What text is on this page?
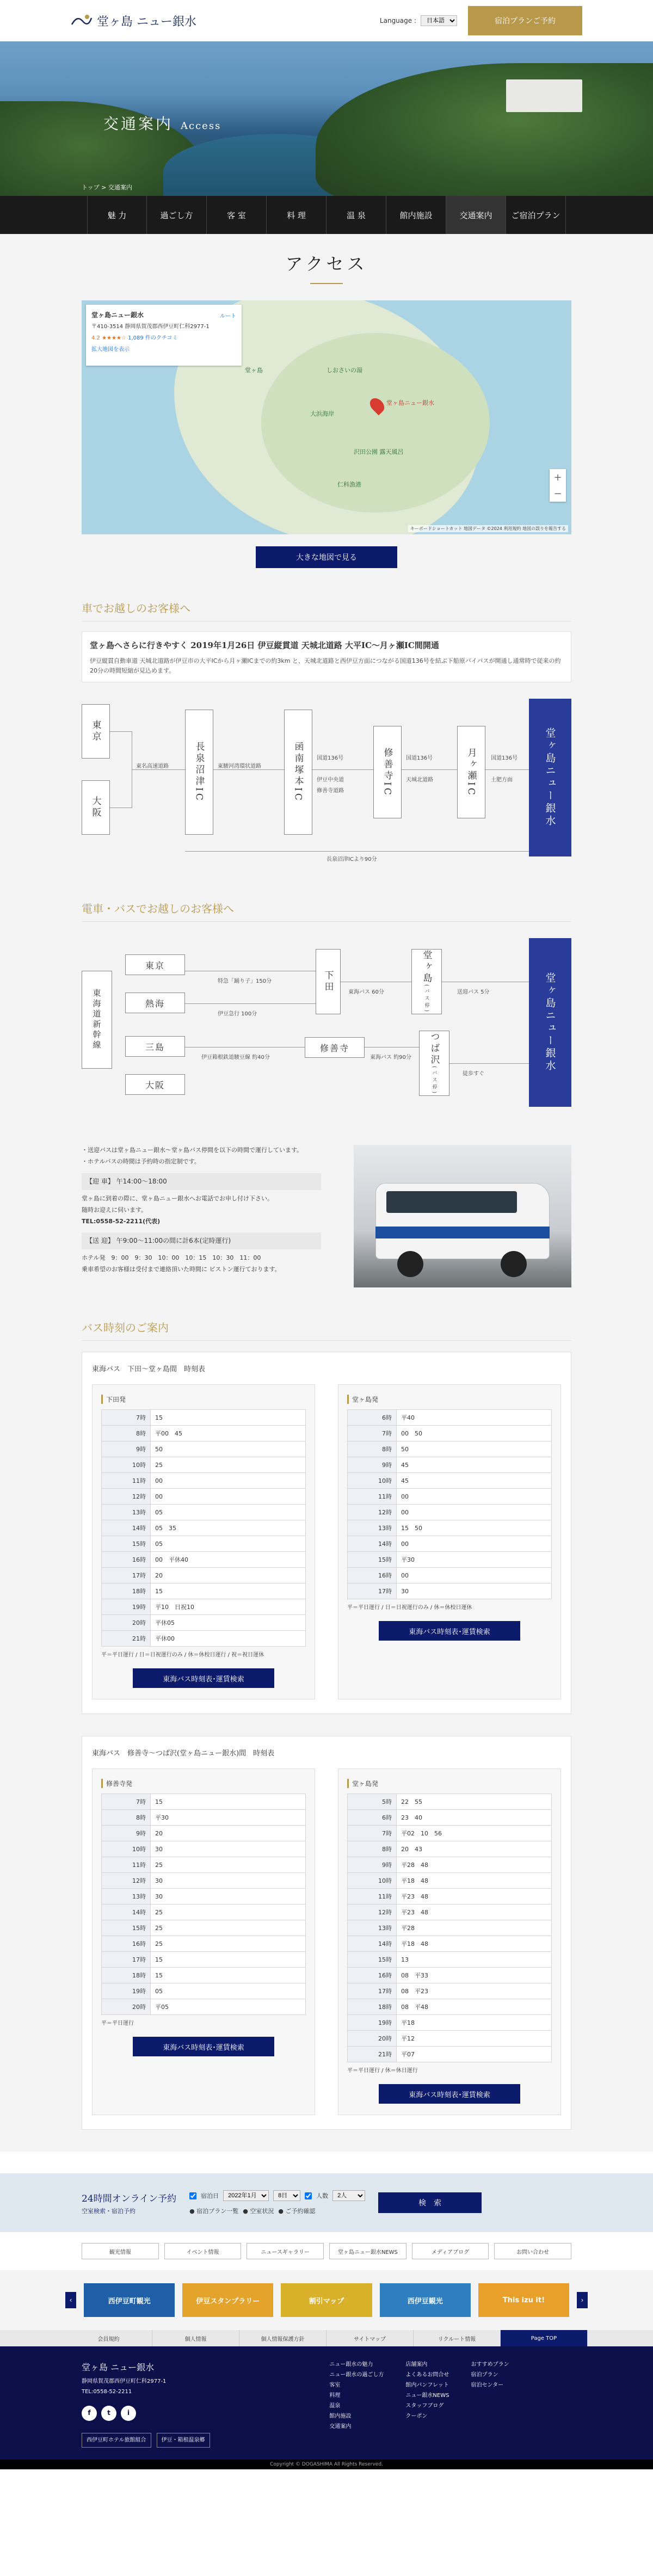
堂ヶ島 ニュー銀水	Language :
日本語	宿泊プランご予約
交通案内 Access
トップ > 交通案内
魅 力	過ごし方	客 室	料 理	温 泉	館内施設	交通案内	ご宿泊プラン
アクセス
堂ヶ島	しおさいの湯
沢田公園 露天風呂
大浜海岸
仁科漁港
堂ヶ島ニュー銀水
堂ヶ島ニュー銀水
〒410-3514 静岡県賀茂郡西伊豆町仁科2977-1
4.2 ★★★★☆ 1,089 件のクチコミ
拡大地図を表示
ルート
+
−
キーボードショートカット 地図データ ©2024 利用規約 地図の誤りを報告する
大きな地図で見る
車でお越しのお客様へ
堂ヶ島へさらに行きやすく 2019年1月26日 伊豆縦貫道 天城北道路 大平IC〜月ヶ瀬IC間開通
伊豆縦貫自動車道 天城北道路が伊豆市の大平ICから月ヶ瀬ICまでの約3km と、天城北道路と西伊豆方面につながる国道136号を結ぶ下船原バイパスが開通し通常時で従来の約20分の時間短縮が見込めます。
東京
大阪
東名高速道路	長泉沼津IC	東駿河湾環状道路	函南塚本IC	国道136号
伊豆中央道
修善寺道路	修善寺IC	国道136号
天城北道路	月ヶ瀬IC	国道136号
土肥方面	堂ヶ島ニュー銀水
長泉沼津ICより90分
電車・バスでお越しのお客様へ
東海道新幹線
東京
熱海
三島
大阪
特急「踊り子」150分
伊豆急行 100分
下田	東海バス 60分
堂ヶ島
(バス停)	送迎バス 5分
伊豆箱根鉄道駿豆線 約40分
修善寺
東海バス 約90分 つば沢
(バス停)	徒歩すぐ
堂ヶ島ニュー銀水
・送迎バスは堂ヶ島ニュー銀水〜堂ヶ島バス停間を以下の時間で運行しています。
・ホテルバスの時間は予約時の指定制です。
【迎 車】 午14:00〜18:00
堂ヶ島に到着の際に、堂ヶ島ニュー銀水へお電話でお申し付け下さい。
随時お迎えに伺います。
TEL:0558-52-2211(代表)
【送 迎】 午9:00〜11:00の間に計6本(定時運行)
ホテル発　9：00　9：30　10：00　10：15　10：30　11：00
乗車希望のお客様は受付まで連絡頂いた時間に ピストン運行ております。
バス時刻のご案内
東海バス　下田〜堂ヶ島間　時刻表
下田発
7時	15
8時	平00　45
9時	50
10時	25
11時	00
12時	00
13時	05
14時	05　35
15時	05
16時	00　平休40
17時	20
18時	15
19時	平10　日祝10
20時	平休05
21時	平休00
平＝平日運行 / 日＝日祝運行のみ / 休＝休校日運行 / 祝＝祝日運休
東海バス時刻表･運賃検索
堂ヶ島発
6時	平40
7時	00　50
8時	50
9時	45
10時	45
11時	00
12時	00
13時	15　50
14時	00
15時	平30
16時	00
17時	30
平＝平日運行 / 日＝日祝運行のみ / 休＝休校日運休
東海バス時刻表･運賃検索
東海バス　修善寺〜つば沢(堂ヶ島ニュー銀水)間　時刻表
修善寺発
7時	15
8時	平30
9時	20
10時	30
11時	25
12時	30
13時	30
14時	25
15時	25
16時	25
17時	15
18時	15
19時	05
20時	平05
平＝平日運行
東海バス時刻表･運賃検索
堂ヶ島発
5時	22　55
6時	23　40
7時	平02　10　56
8時	20　43
9時	平28　48
10時	平18　48
11時	平23　48
12時	平23　48
13時	平28
14時	平18　48
15時	13
16時	08　平33
17時	08　平23
18時	08　平48
19時	平18
20時	平12
21時	平07
平＝平日運行 / 休＝休日運行
東海バス時刻表･運賃検索
24時間オンライン予約
空室検索・宿泊予約
宿泊日
2022年1月
8日	人数
2人
● 宿泊プラン一覧 ● 空室状況 ● ご予約確認
検　索
観光情報	イベント情報	ニュースギャラリー	堂ヶ島ニュー銀水NEWS	メディアブログ	お問い合わせ
‹	西伊豆町観光	伊豆スタンプラリー	割引マップ	西伊豆観光	This izu it!	›
会員規約	個人情報	個人情報保護方針	サイトマップ	リクルート情報	Page TOP
堂ヶ島 ニュー銀水
静岡県賀茂郡西伊豆町仁科2977-1
TEL:0558-52-2211
f	t	i
ニュー銀水の魅力
ニュー銀水の過ごし方
客室
料理
温泉
館内施設
交通案内
店舗案内
よくあるお問合せ
館内パンフレット
ニュー銀水NEWS
スタッフブログ
クーポン
おすすめプラン
宿泊プラン
宿泊センター
西伊豆町ホテル旅館組合	伊豆・箱根温泉郷
Copyright © DOGASHIMA All Rights Reserved.
